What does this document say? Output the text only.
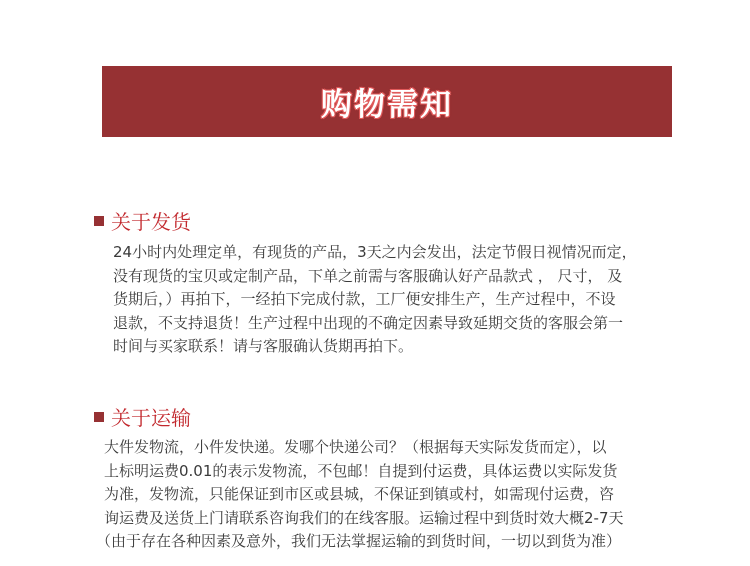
购物需知
关于发货
24小时内处理定单，有现货的产品，3天之内会发出，法定节假日视情况而定，
没有现货的宝贝或定制产品，下单之前需与客服确认好产品款式 ， 尺寸， 及
货期后，）再拍下，一经拍下完成付款，工厂便安排生产，生产过程中，不设
退款，不支持退货！生产过程中出现的不确定因素导致延期交货的客服会第一
时间与买家联系！请与客服确认货期再拍下。
关于运输
大件发物流，小件发快递。发哪个快递公司？（根据每天实际发货而定），以
上标明运费0.01的表示发物流，不包邮！自提到付运费，具体运费以实际发货
为准，发物流，只能保证到市区或县城，不保证到镇或村，如需现付运费，咨
询运费及送货上门请联系咨询我们的在线客服。运输过程中到货时效大概2-7天
（由于存在各种因素及意外，我们无法掌握运输的到货时间，一切以到货为准）
